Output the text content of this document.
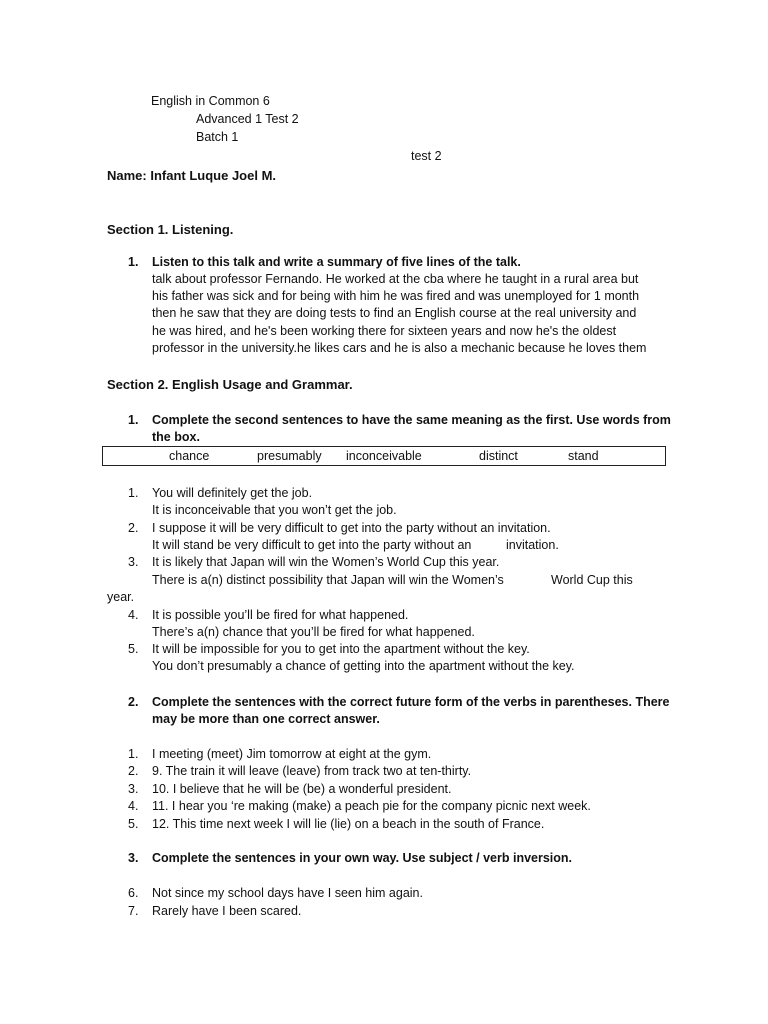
English in Common 6
Advanced 1 Test 2
Batch 1
test 2
Name: Infant Luque Joel M.
Section 1. Listening.
1. Listen to this talk and write a summary of five lines of the talk.
talk about professor Fernando. He worked at the cba where he taught in a rural area but
his father was sick and for being with him he was fired and was unemployed for 1 month
then he saw that they are doing tests to find an English course at the real university and
he was hired, and he's been working there for sixteen years and now he's the oldest
professor in the university.he likes cars and he is also a mechanic because he loves them
Section 2. English Usage and Grammar.
1. Complete the second sentences to have the same meaning as the first. Use words from
the box.
chance	presumably inconceivable	distinct	stand
1. You will definitely get the job.
It is inconceivable that you won’t get the job.
2. I suppose it will be very difficult to get into the party without an invitation.
It will stand be very difficult to get into the party without an	invitation.
3. It is likely that Japan will win the Women’s World Cup this year.
There is a(n) distinct possibility that Japan will win the Women’s	World Cup this
year.
4. It is possible you’ll be fired for what happened.
There’s a(n) chance that you’ll be fired for what happened.
5. It will be impossible for you to get into the apartment without the key.
You don’t presumably a chance of getting into the apartment without the key.
2. Complete the sentences with the correct future form of the verbs in parentheses. There
may be more than one correct answer.
1. I meeting (meet) Jim tomorrow at eight at the gym.
2. 9. The train it will leave (leave) from track two at ten-thirty.
3. 10. I believe that he will be (be) a wonderful president.
4. 11. I hear you ‘re making (make) a peach pie for the company picnic next week.
5. 12. This time next week I will lie (lie) on a beach in the south of France.
3. Complete the sentences in your own way. Use subject / verb inversion.
6. Not since my school days have I seen him again.
7. Rarely have I been scared.
